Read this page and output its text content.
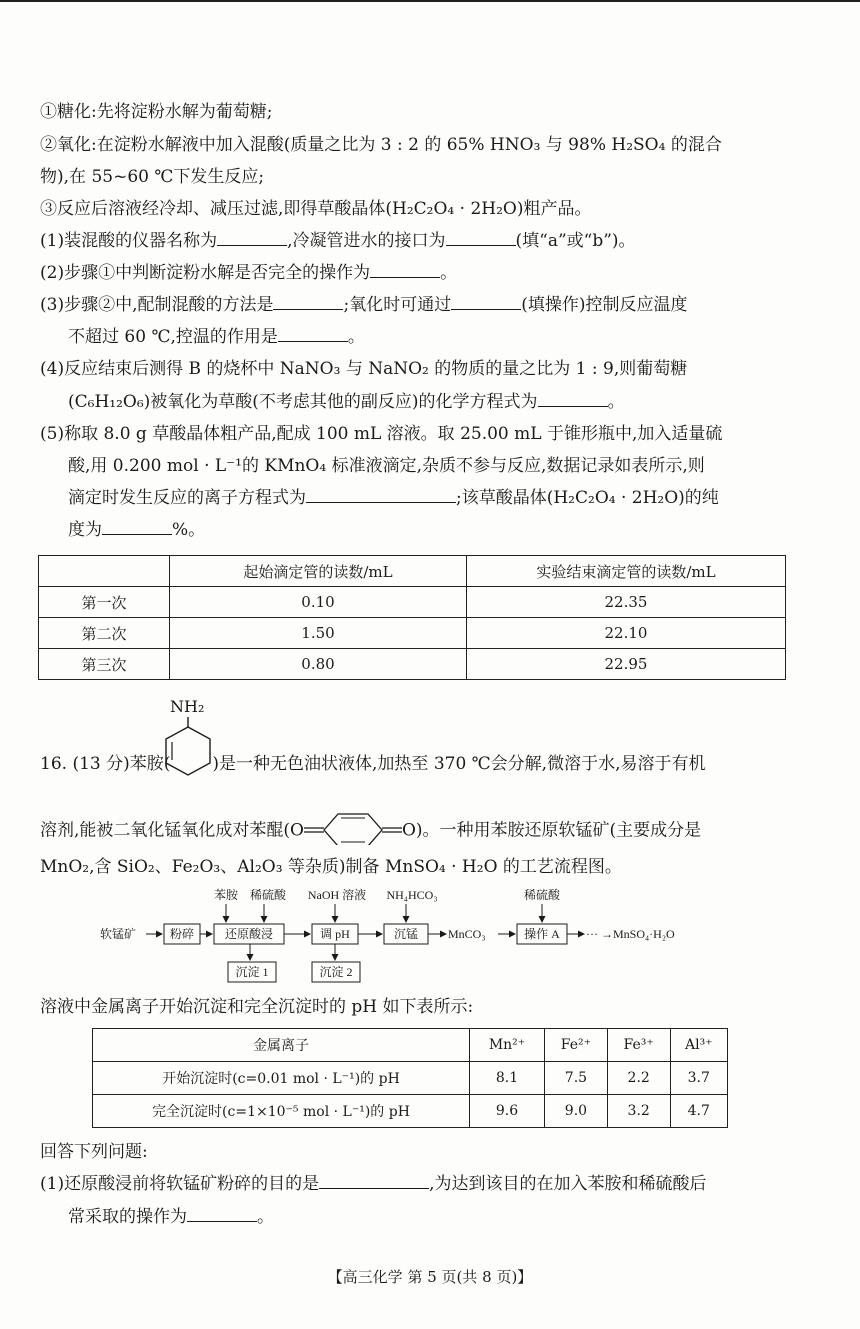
①糖化:先将淀粉水解为葡萄糖;
②氧化:在淀粉水解液中加入混酸(质量之比为 3 : 2 的 65% HNO₃ 与 98% H₂SO₄ 的混合
物),在 55~60 ℃下发生反应;
③反应后溶液经冷却、减压过滤,即得草酸晶体(H₂C₂O₄ · 2H₂O)粗产品。
(1)装混酸的仪器名称为	,冷凝管进水的接口为	(填“a”或“b”)。
(2)步骤①中判断淀粉水解是否完全的操作为	。
(3)步骤②中,配制混酸的方法是	;氧化时可通过	(填操作)控制反应温度
不超过 60 ℃,控温的作用是	。
(4)反应结束后测得 B 的烧杯中 NaNO₃ 与 NaNO₂ 的物质的量之比为 1 : 9,则葡萄糖
(C₆H₁₂O₆)被氧化为草酸(不考虑其他的副反应)的化学方程式为	。
(5)称取 8.0 g 草酸晶体粗产品,配成 100 mL 溶液。取 25.00 mL 于锥形瓶中,加入适量硫
酸,用 0.200 mol · L⁻¹的 KMnO₄ 标准液滴定,杂质不参与反应,数据记录如表所示,则
滴定时发生反应的离子方程式为	;该草酸晶体(H₂C₂O₄ · 2H₂O)的纯
度为	%。
	起始滴定管的读数/mL	实验结束滴定管的读数/mL
第一次	0.10	22.35
第二次	1.50	22.10
第三次	0.80	22.95
NH₂
16. (13 分)苯胺( )是一种无色油状液体,加热至 370 ℃会分解,微溶于水,易溶于有机
溶剂,能被二氧化锰氧化成对苯醌(O	O)。一种用苯胺还原软锰矿(主要成分是
MnO₂,含 SiO₂、Fe₂O₃、Al₂O₃ 等杂质)制备 MnSO₄ · H₂O 的工艺流程图。
苯胺 稀硫酸 NaOH 溶液 NH₄HCO₃	稀硫酸
软锰矿	粉碎	还原酸浸	调 pH	沉锰 MnCO₃	操作 A ··· →MnSO₄·H₂O
沉淀 1	沉淀 2
溶液中金属离子开始沉淀和完全沉淀时的 pH 如下表所示:
金属离子	Mn²⁺	Fe²⁺	Fe³⁺	Al³⁺
开始沉淀时(c=0.01 mol · L⁻¹)的 pH	8.1	7.5	2.2	3.7
完全沉淀时(c=1×10⁻⁵ mol · L⁻¹)的 pH	9.6	9.0	3.2	4.7
回答下列问题:
(1)还原酸浸前将软锰矿粉碎的目的是	,为达到该目的在加入苯胺和稀硫酸后
常采取的操作为	。
【高三化学 第 5 页(共 8 页)】
